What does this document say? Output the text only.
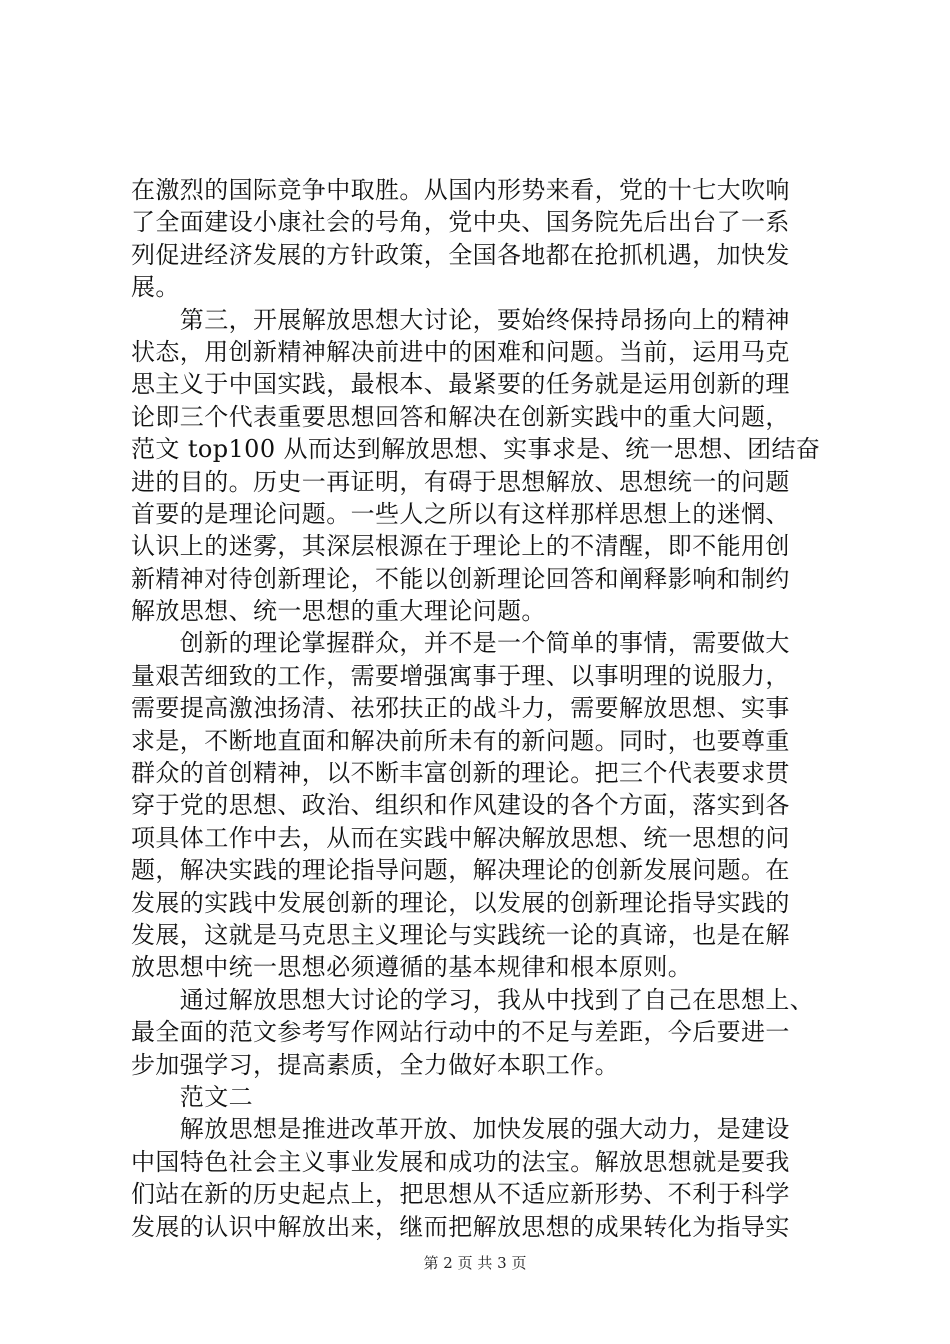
在激烈的国际竞争中取胜。从国内形势来看，党的十七大吹响
了全面建设小康社会的号角，党中央、国务院先后出台了一系
列促进经济发展的方针政策，全国各地都在抢抓机遇，加快发
展。
　　第三，开展解放思想大讨论，要始终保持昂扬向上的精神
状态，用创新精神解决前进中的困难和问题。当前，运用马克
思主义于中国实践，最根本、最紧要的任务就是运用创新的理
论即三个代表重要思想回答和解决在创新实践中的重大问题，
范文 top100 从而达到解放思想、实事求是、统一思想、团结奋
进的目的。历史一再证明，有碍于思想解放、思想统一的问题
首要的是理论问题。一些人之所以有这样那样思想上的迷惘、
认识上的迷雾，其深层根源在于理论上的不清醒，即不能用创
新精神对待创新理论，不能以创新理论回答和阐释影响和制约
解放思想、统一思想的重大理论问题。
　　创新的理论掌握群众，并不是一个简单的事情，需要做大
量艰苦细致的工作，需要增强寓事于理、以事明理的说服力，
需要提高激浊扬清、祛邪扶正的战斗力，需要解放思想、实事
求是，不断地直面和解决前所未有的新问题。同时，也要尊重
群众的首创精神，以不断丰富创新的理论。把三个代表要求贯
穿于党的思想、政治、组织和作风建设的各个方面，落实到各
项具体工作中去，从而在实践中解决解放思想、统一思想的问
题，解决实践的理论指导问题，解决理论的创新发展问题。在
发展的实践中发展创新的理论，以发展的创新理论指导实践的
发展，这就是马克思主义理论与实践统一论的真谛，也是在解
放思想中统一思想必须遵循的基本规律和根本原则。
　　通过解放思想大讨论的学习，我从中找到了自己在思想上、
最全面的范文参考写作网站行动中的不足与差距，今后要进一
步加强学习，提高素质，全力做好本职工作。
　　范文二
　　解放思想是推进改革开放、加快发展的强大动力，是建设
中国特色社会主义事业发展和成功的法宝。解放思想就是要我
们站在新的历史起点上，把思想从不适应新形势、不利于科学
发展的认识中解放出来，继而把解放思想的成果转化为指导实
第 2 页 共 3 页
